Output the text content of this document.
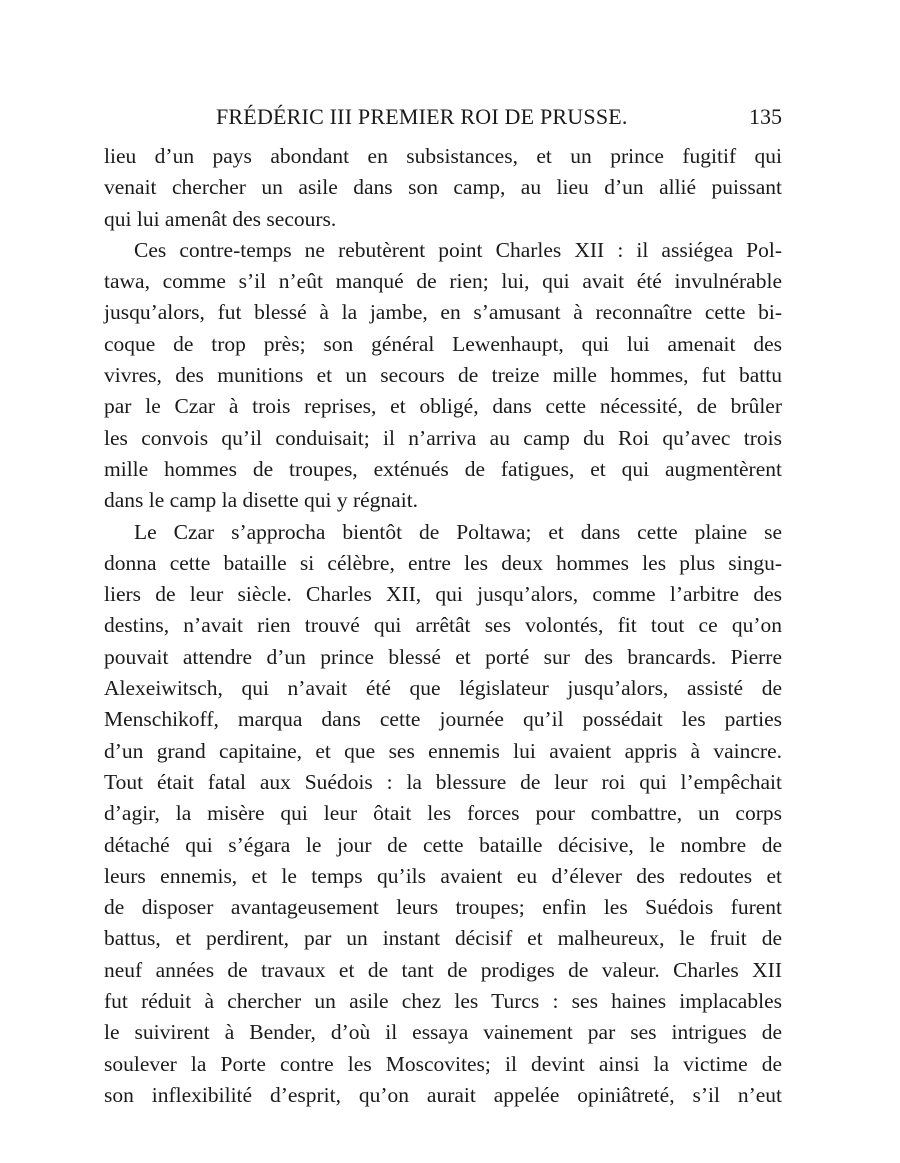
FRÉDÉRIC III PREMIER ROI DE PRUSSE.	135
lieu d’un pays abondant en subsistances, et un prince fugitif qui
venait chercher un asile dans son camp, au lieu d’un allié puissant
qui lui amenât des secours.
Ces contre-temps ne rebutèrent point Charles XII : il assiégea Pol-
tawa, comme s’il n’eût manqué de rien; lui, qui avait été invulnérable
jusqu’alors, fut blessé à la jambe, en s’amusant à reconnaître cette bi-
coque de trop près; son général Lewenhaupt, qui lui amenait des
vivres, des munitions et un secours de treize mille hommes, fut battu
par le Czar à trois reprises, et obligé, dans cette nécessité, de brûler
les convois qu’il conduisait; il n’arriva au camp du Roi qu’avec trois
mille hommes de troupes, exténués de fatigues, et qui augmentèrent
dans le camp la disette qui y régnait.
Le Czar s’approcha bientôt de Poltawa; et dans cette plaine se
donna cette bataille si célèbre, entre les deux hommes les plus singu-
liers de leur siècle. Charles XII, qui jusqu’alors, comme l’arbitre des
destins, n’avait rien trouvé qui arrêtât ses volontés, fit tout ce qu’on
pouvait attendre d’un prince blessé et porté sur des brancards. Pierre
Alexeiwitsch, qui n’avait été que législateur jusqu’alors, assisté de
Menschikoff, marqua dans cette journée qu’il possédait les parties
d’un grand capitaine, et que ses ennemis lui avaient appris à vaincre.
Tout était fatal aux Suédois : la blessure de leur roi qui l’empêchait
d’agir, la misère qui leur ôtait les forces pour combattre, un corps
détaché qui s’égara le jour de cette bataille décisive, le nombre de
leurs ennemis, et le temps qu’ils avaient eu d’élever des redoutes et
de disposer avantageusement leurs troupes; enfin les Suédois furent
battus, et perdirent, par un instant décisif et malheureux, le fruit de
neuf années de travaux et de tant de prodiges de valeur. Charles XII
fut réduit à chercher un asile chez les Turcs : ses haines implacables
le suivirent à Bender, d’où il essaya vainement par ses intrigues de
soulever la Porte contre les Moscovites; il devint ainsi la victime de
son inflexibilité d’esprit, qu’on aurait appelée opiniâtreté, s’il n’eut
